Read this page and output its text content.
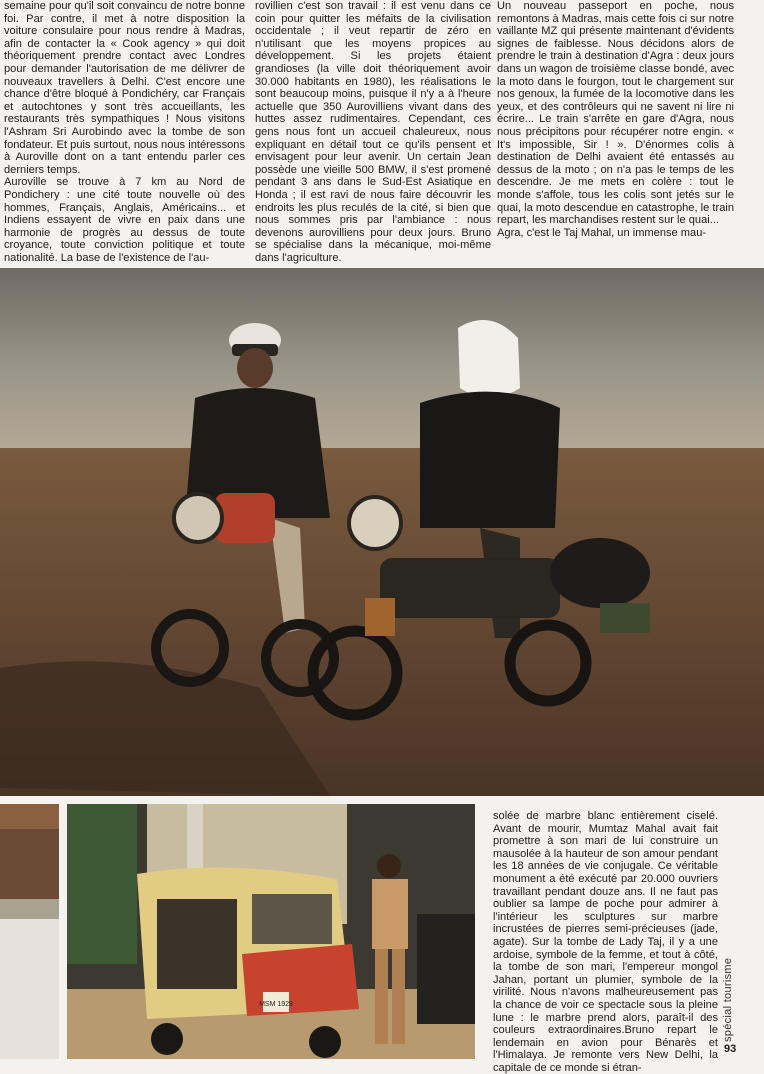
semaine pour qu'il soit convaincu de notre bonne foi. Par contre, il met à notre disposition la voiture consulaire pour nous rendre à Madras, afin de contacter la « Cook agency » qui doit théoriquement prendre contact avec Londres pour demander l'autorisation de me délivrer de nouveaux travellers à Delhi. C'est encore une chance d'être bloqué à Pondichéry, car Français et autochtones y sont très accueillants, les restaurants très sympathiques ! Nous visitons l'Ashram Sri Aurobindo avec la tombe de son fondateur. Et puis surtout, nous nous intéressons à Auroville dont on a tant entendu parler ces derniers temps.

Auroville se trouve à 7 km au Nord de Pondichery : une cité toute nouvelle où des hommes, Français, Anglais, Américains... et Indiens essayent de vivre en paix dans une harmonie de progrès au dessus de toute croyance, toute conviction politique et toute nationalité. La base de l'existence de l'au-

rovillien c'est son travail : il est venu dans ce coin pour quitter les méfaits de la civilisation occidentale ; il veut repartir de zéro en n'utilisant que les moyens propices au développement. Si les projets étaient grandioses (la ville doit théoriquement avoir 30.000 habitants en 1980), les réalisations le sont beaucoup moins, puisque il n'y a à l'heure actuelle que 350 Aurovilliens vivant dans des huttes assez rudimentaires. Cependant, ces gens nous font un accueil chaleureux, nous expliquant en détail tout ce qu'ils pensent et envisagent pour leur avenir. Un certain Jean possède une vieille 500 BMW, il s'est promené pendant 3 ans dans le Sud-Est Asiatique en Honda ; il est ravi de nous faire découvrir les endroits les plus reculés de la cité, si bien que nous sommes pris par l'ambiance : nous devenons aurovilliens pour deux jours. Bruno se spécialise dans la mécanique, moi-même dans l'agriculture.

Un nouveau passeport en poche, nous remontons à Madras, mais cette fois ci sur notre vaillante MZ qui présente maintenant d'évidents signes de faiblesse. Nous décidons alors de prendre le train à destination d'Agra : deux jours dans un wagon de troisième classe bondé, avec la moto dans le fourgon, tout le chargement sur nos genoux, la fumée de la locomotive dans les yeux, et des contrôleurs qui ne savent ni lire ni écrire... Le train s'arrête en gare d'Agra, nous nous précipitons pour récupérer notre engin. « It's impossible, Sir ! ». D'énormes colis à destination de Delhi avaient été entassés au dessus de la moto ; on n'a pas le temps de les descendre. Je me mets en colère : tout le monde s'affole, tous les colis sont jetés sur le quai, la moto descendue en catastrophe, le train repart, les marchandises restent sur le quai...

Agra, c'est le Taj Mahal, un immense mau-

MSM 1928

solée de marbre blanc entièrement ciselé. Avant de mourir, Mumtaz Mahal avait fait promettre à son mari de lui construire un mausolée à la hauteur de son amour pendant les 18 années de vie conjugale. Ce véritable monument a été exécuté par 20.000 ouvriers travaillant pendant douze ans. Il ne faut pas oublier sa lampe de poche pour admirer à l'intérieur les sculptures sur marbre incrustées de pierres semi-précieuses (jade, agate). Sur la tombe de Lady Taj, il y a une ardoise, symbole de la femme, et tout à côté, la tombe de son mari, l'empereur mongol Jahan, portant un plumier, symbole de la virilité. Nous n'avons malheureusement pas la chance de voir ce spectacle sous la pleine lune : le marbre prend alors, paraît-il des couleurs extraordinaires.Bruno repart le lendemain en avion pour Bénarès et l'Himalaya. Je remonte vers New Delhi, la capitale de ce monde si étran-

spécial tourisme
93
